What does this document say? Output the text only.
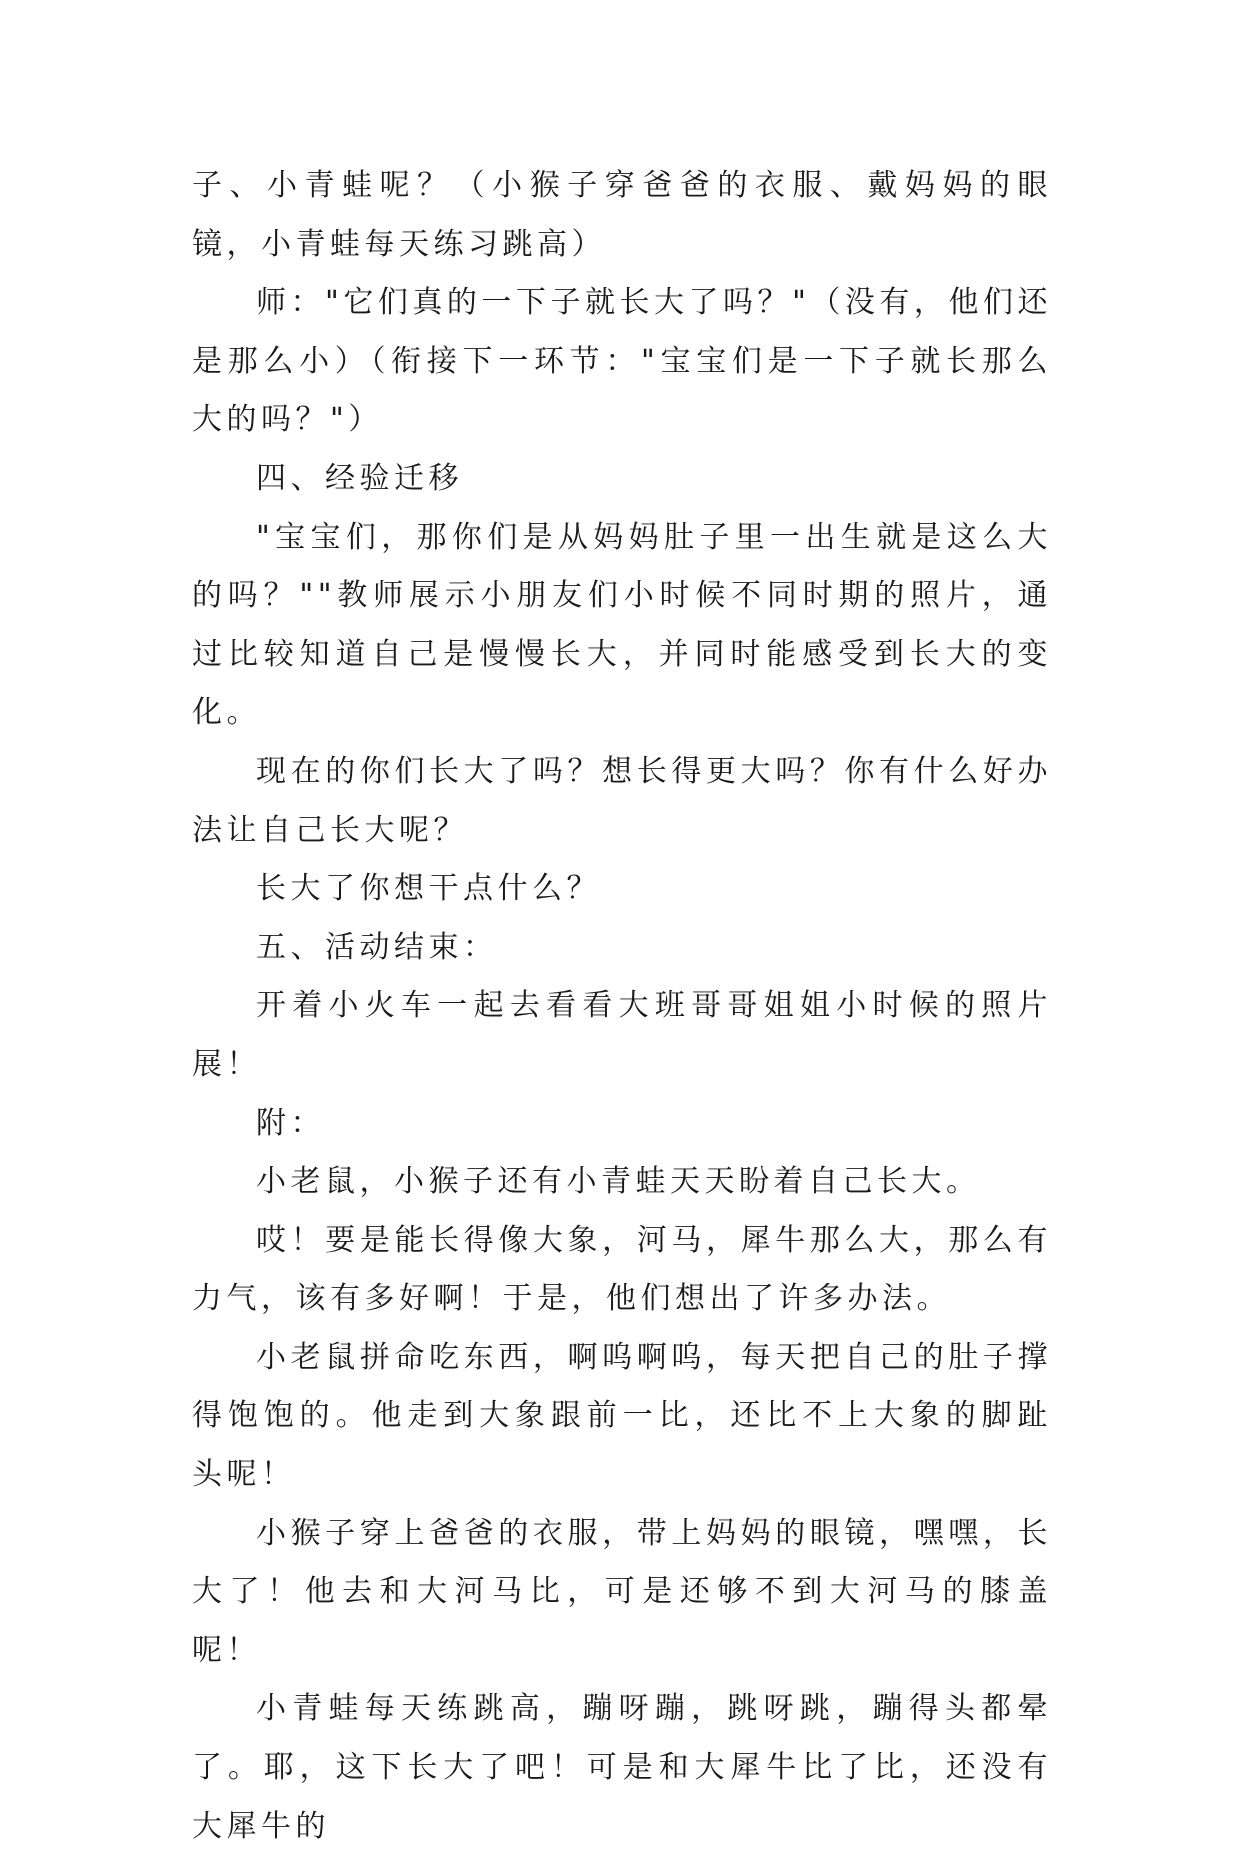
子、小青蛙呢？（小猴子穿爸爸的衣服、戴妈妈的眼镜，小青蛙每天练习跳高）

师："它们真的一下子就长大了吗？"（没有，他们还是那么小）（衔接下一环节："宝宝们是一下子就长那么大的吗？"）

四、经验迁移

"宝宝们，那你们是从妈妈肚子里一出生就是这么大的吗？""教师展示小朋友们小时候不同时期的照片，通过比较知道自己是慢慢长大，并同时能感受到长大的变化。

现在的你们长大了吗？想长得更大吗？你有什么好办法让自己长大呢？

长大了你想干点什么？

五、活动结束：

开着小火车一起去看看大班哥哥姐姐小时候的照片展！

附：

小老鼠，小猴子还有小青蛙天天盼着自己长大。

哎！要是能长得像大象，河马，犀牛那么大，那么有力气，该有多好啊！于是，他们想出了许多办法。

小老鼠拼命吃东西，啊呜啊呜，每天把自己的肚子撑得饱饱的。他走到大象跟前一比，还比不上大象的脚趾头呢！

小猴子穿上爸爸的衣服，带上妈妈的眼镜，嘿嘿，长大了！他去和大河马比，可是还够不到大河马的膝盖呢！

小青蛙每天练跳高，蹦呀蹦，跳呀跳，蹦得头都晕了。耶，这下长大了吧！可是和大犀牛比了比，还没有大犀牛的
